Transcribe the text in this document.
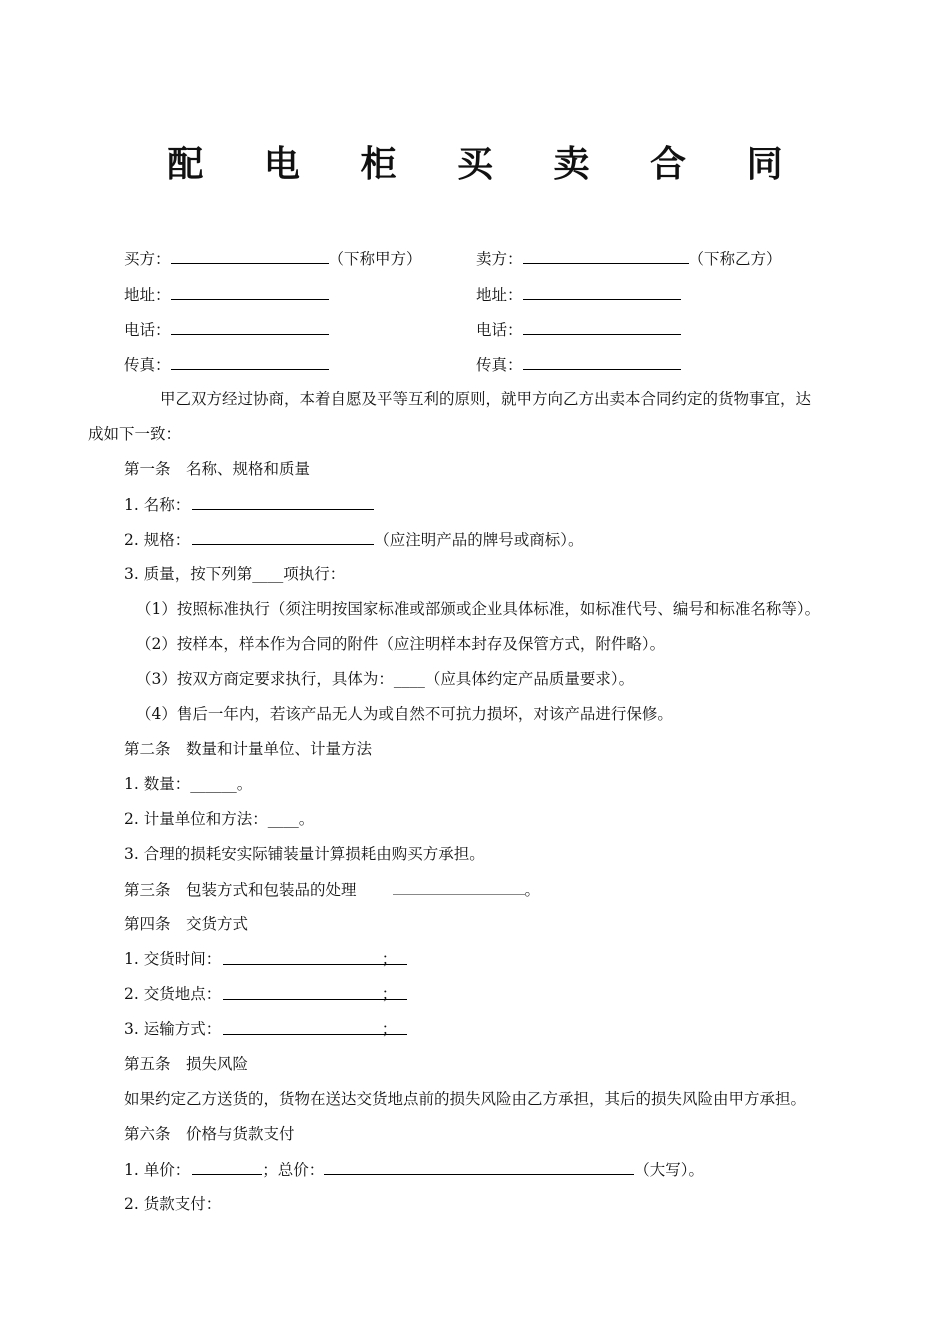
配 电 柜 买 卖 合 同
买方：	（下称甲方）	卖方：	（下称乙方）
地址：	地址：
电话：	电话：
传真：	传真：
甲乙双方经过协商，本着自愿及平等互利的原则，就甲方向乙方出卖本合同约定的货物事宜，达
成如下一致：
第一条　名称、规格和质量
1. 名称：
2. 规格：	（应注明产品的牌号或商标）。
3. 质量，按下列第____项执行：
（1）按照标准执行（须注明按国家标准或部颁或企业具体标准，如标准代号、编号和标准名称等）。
（2）按样本，样本作为合同的附件（应注明样本封存及保管方式，附件略）。
（3）按双方商定要求执行，具体为：____（应具体约定产品质量要求）。
（4）售后一年内，若该产品无人为或自然不可抗力损坏，对该产品进行保修。
第二条　数量和计量单位、计量方法
1. 数量：______。
2. 计量单位和方法：____。
3. 合理的损耗安实际铺装量计算损耗由购买方承担。
第三条　包装方式和包装品的处理	。
第四条　交货方式
1. 交货时间：	；
2. 交货地点：	；
3. 运输方式：	；
第五条　损失风险
如果约定乙方送货的，货物在送达交货地点前的损失风险由乙方承担，其后的损失风险由甲方承担。
第六条　价格与货款支付
1. 单价：	；总价：	（大写）。
2. 货款支付：
